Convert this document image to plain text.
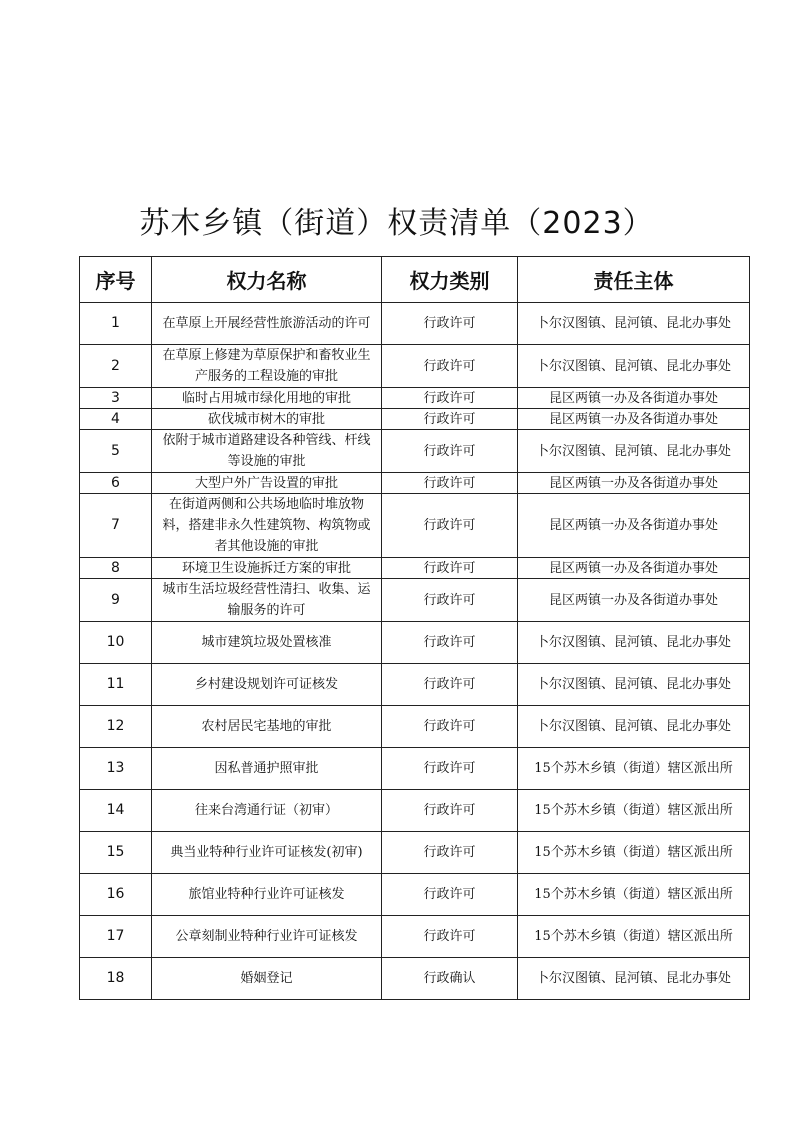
苏木乡镇（街道）权责清单（2023）
序号	权力名称	权力类别	责任主体
1	在草原上开展经营性旅游活动的许可	行政许可	卜尔汉图镇、昆河镇、昆北办事处
2	在草原上修建为草原保护和畜牧业生产服务的工程设施的审批	行政许可	卜尔汉图镇、昆河镇、昆北办事处
3	临时占用城市绿化用地的审批	行政许可	昆区两镇一办及各街道办事处
4	砍伐城市树木的审批	行政许可	昆区两镇一办及各街道办事处
5	依附于城市道路建设各种管线、杆线等设施的审批	行政许可	卜尔汉图镇、昆河镇、昆北办事处
6	大型户外广告设置的审批	行政许可	昆区两镇一办及各街道办事处
7	在街道两侧和公共场地临时堆放物料，搭建非永久性建筑物、构筑物或者其他设施的审批	行政许可	昆区两镇一办及各街道办事处
8	环境卫生设施拆迁方案的审批	行政许可	昆区两镇一办及各街道办事处
9	城市生活垃圾经营性清扫、收集、运输服务的许可	行政许可	昆区两镇一办及各街道办事处
10	城市建筑垃圾处置核准	行政许可	卜尔汉图镇、昆河镇、昆北办事处
11	乡村建设规划许可证核发	行政许可	卜尔汉图镇、昆河镇、昆北办事处
12	农村居民宅基地的审批	行政许可	卜尔汉图镇、昆河镇、昆北办事处
13	因私普通护照审批	行政许可	15个苏木乡镇（街道）辖区派出所
14	往来台湾通行证（初审）	行政许可	15个苏木乡镇（街道）辖区派出所
15	典当业特种行业许可证核发(初审)	行政许可	15个苏木乡镇（街道）辖区派出所
16	旅馆业特种行业许可证核发	行政许可	15个苏木乡镇（街道）辖区派出所
17	公章刻制业特种行业许可证核发	行政许可	15个苏木乡镇（街道）辖区派出所
18	婚姻登记	行政确认	卜尔汉图镇、昆河镇、昆北办事处
